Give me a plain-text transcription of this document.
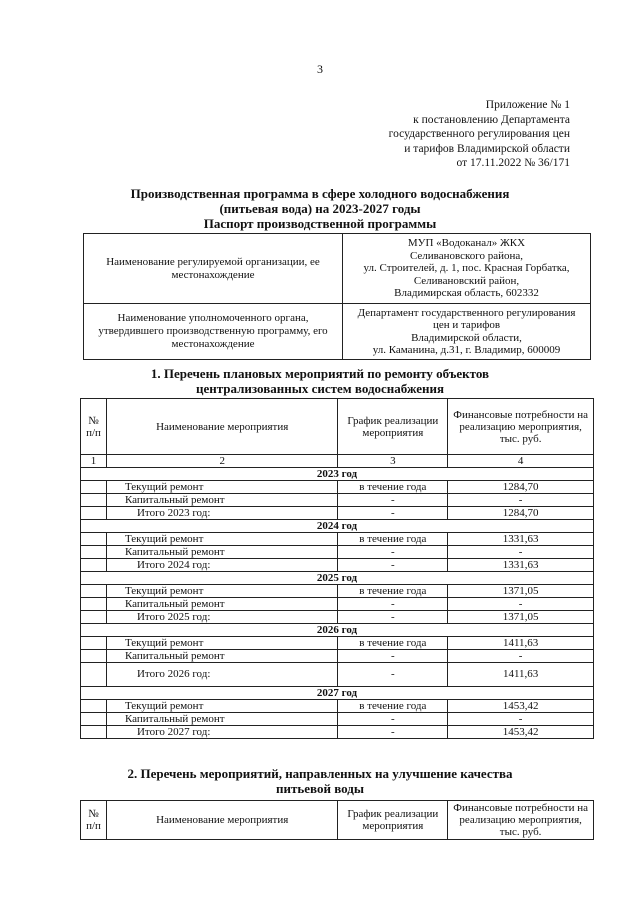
3
Приложение № 1
к постановлению Департамента
государственного регулирования цен
и тарифов Владимирской области
от 17.11.2022 № 36/171
Производственная программа в сфере холодного водоснабжения
(питьевая вода) на 2023-2027 годы
Паспорт производственной программы
Наименование регулируемой организации, ее местонахождение	МУП «Водоканал» ЖКХ
Селивановского района,
ул. Строителей, д. 1, пос. Красная Горбатка,
Селивановский район,
Владимирская область, 602332

Наименование уполномоченного органа, утвердившего производственную программу, его местонахождение	Департамент государственного регулирования
цен и тарифов
Владимирской области,
ул. Каманина, д.31, г. Владимир, 600009
1. Перечень плановых мероприятий по ремонту объектов
централизованных систем водоснабжения
№ п/п	Наименование мероприятия	График реализации мероприятия	Финансовые потребности на реализацию мероприятия, тыс. руб.
1	2	3	4
2023 год			
	Текущий ремонт	в течение года	1284,70
	Капитальный ремонт	-	-
	Итого 2023 год:	-	1284,70
2024 год			
	Текущий ремонт	в течение года	1331,63
	Капитальный ремонт	-	-
	Итого 2024 год:	-	1331,63
2025 год			
	Текущий ремонт	в течение года	1371,05
	Капитальный ремонт	-	-
	Итого 2025 год:	-	1371,05
2026 год			
	Текущий ремонт	в течение года	1411,63
	Капитальный ремонт	-	-
	Итого 2026 год:	-	1411,63
2027 год			
	Текущий ремонт	в течение года	1453,42
	Капитальный ремонт	-	-
	Итого 2027 год:	-	1453,42
2. Перечень мероприятий, направленных на улучшение качества
питьевой воды
№ п/п	Наименование мероприятия	График реализации мероприятия	Финансовые потребности на реализацию мероприятия, тыс. руб.
